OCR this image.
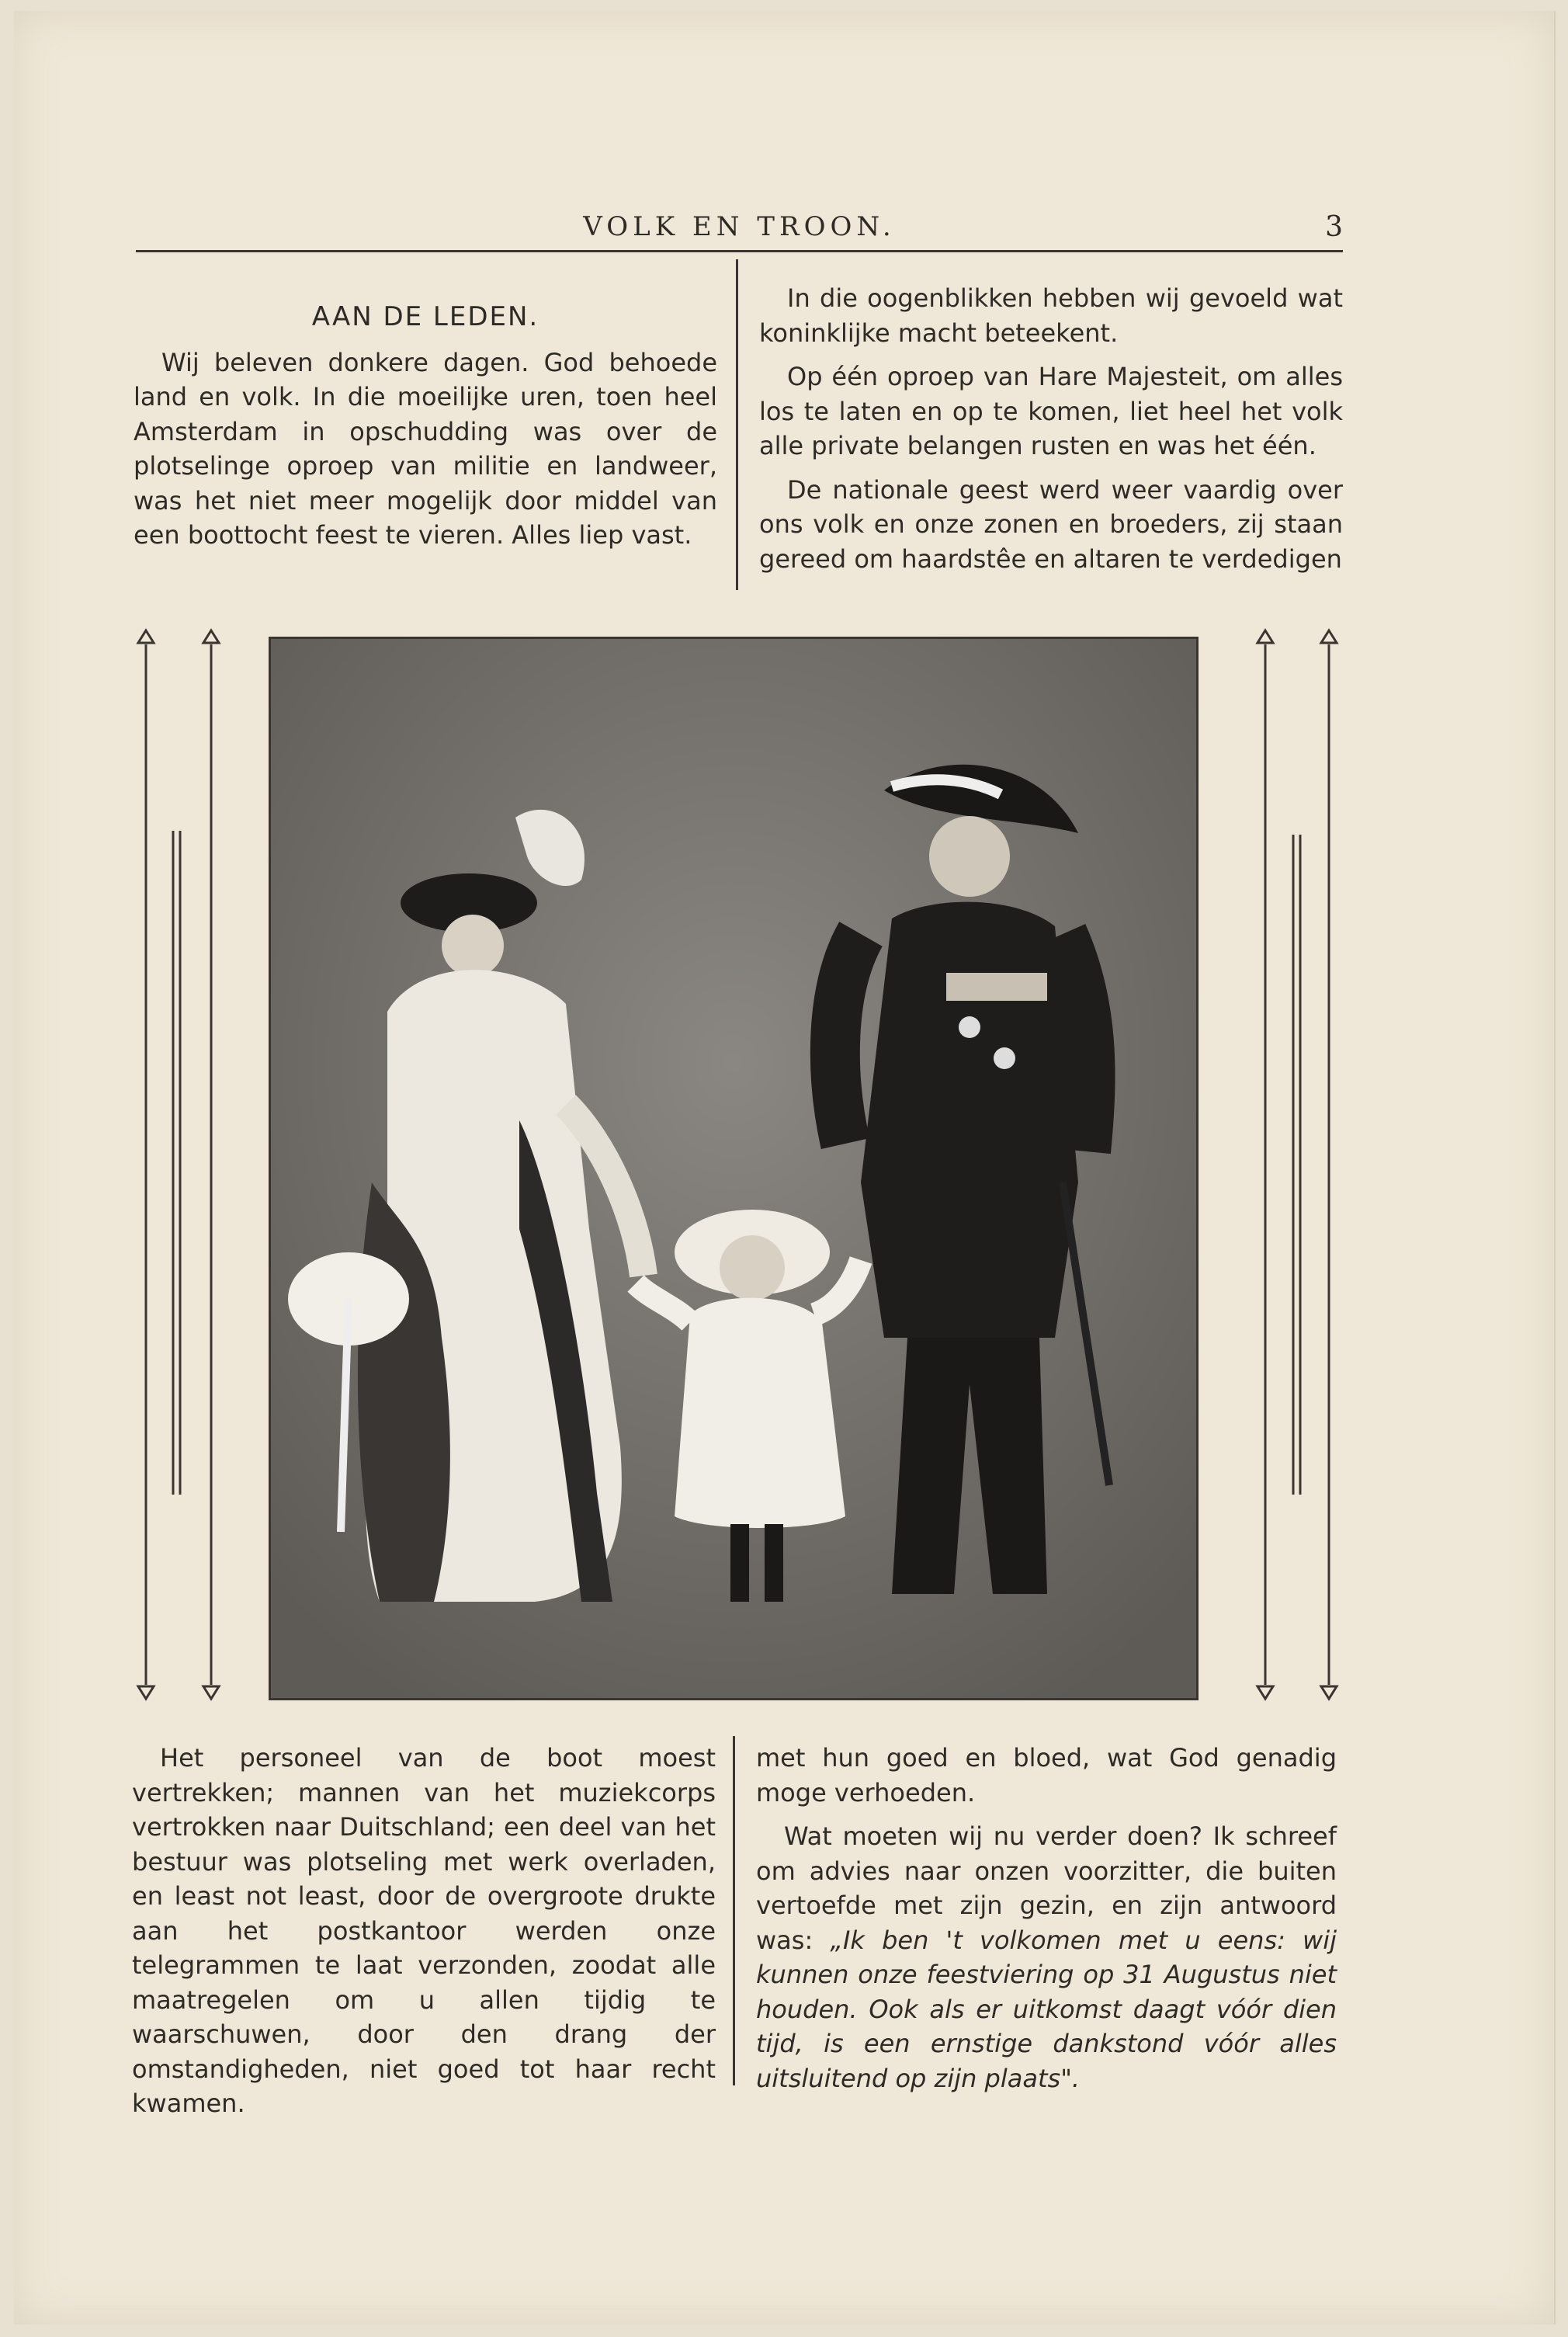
VOLK EN TROON.	3
AAN DE LEDEN.

Wij beleven donkere dagen. God behoede land en volk. In die moeilijke uren, toen heel Amsterdam in opschudding was over de plotselinge oproep van militie en landweer, was het niet meer mogelijk door middel van een boottocht feest te vieren. Alles liep vast.

In die oogenblikken hebben wij gevoeld wat koninklijke macht beteekent.

Op één oproep van Hare Majesteit, om alles los te laten en op te komen, liet heel het volk alle private belangen rusten en was het één.

De nationale geest werd weer vaardig over ons volk en onze zonen en broeders, zij staan gereed om haardstêe en altaren te verdedigen

Het personeel van de boot moest vertrekken; mannen van het muziekcorps vertrokken naar Duitschland; een deel van het bestuur was plotseling met werk overladen, en least not least, door de overgroote drukte aan het postkantoor werden onze telegrammen te laat verzonden, zoodat alle maatregelen om u allen tijdig te waarschuwen, door den drang der omstandigheden, niet goed tot haar recht kwamen.

met hun goed en bloed, wat God genadig moge verhoeden.

Wat moeten wij nu verder doen? Ik schreef om advies naar onzen voorzitter, die buiten vertoefde met zijn gezin, en zijn antwoord was: „Ik ben 't volkomen met u eens: wij kunnen onze feestviering op 31 Augustus niet houden. Ook als er uitkomst daagt vóór dien tijd, is een ernstige dankstond vóór alles uitsluitend op zijn plaats".
